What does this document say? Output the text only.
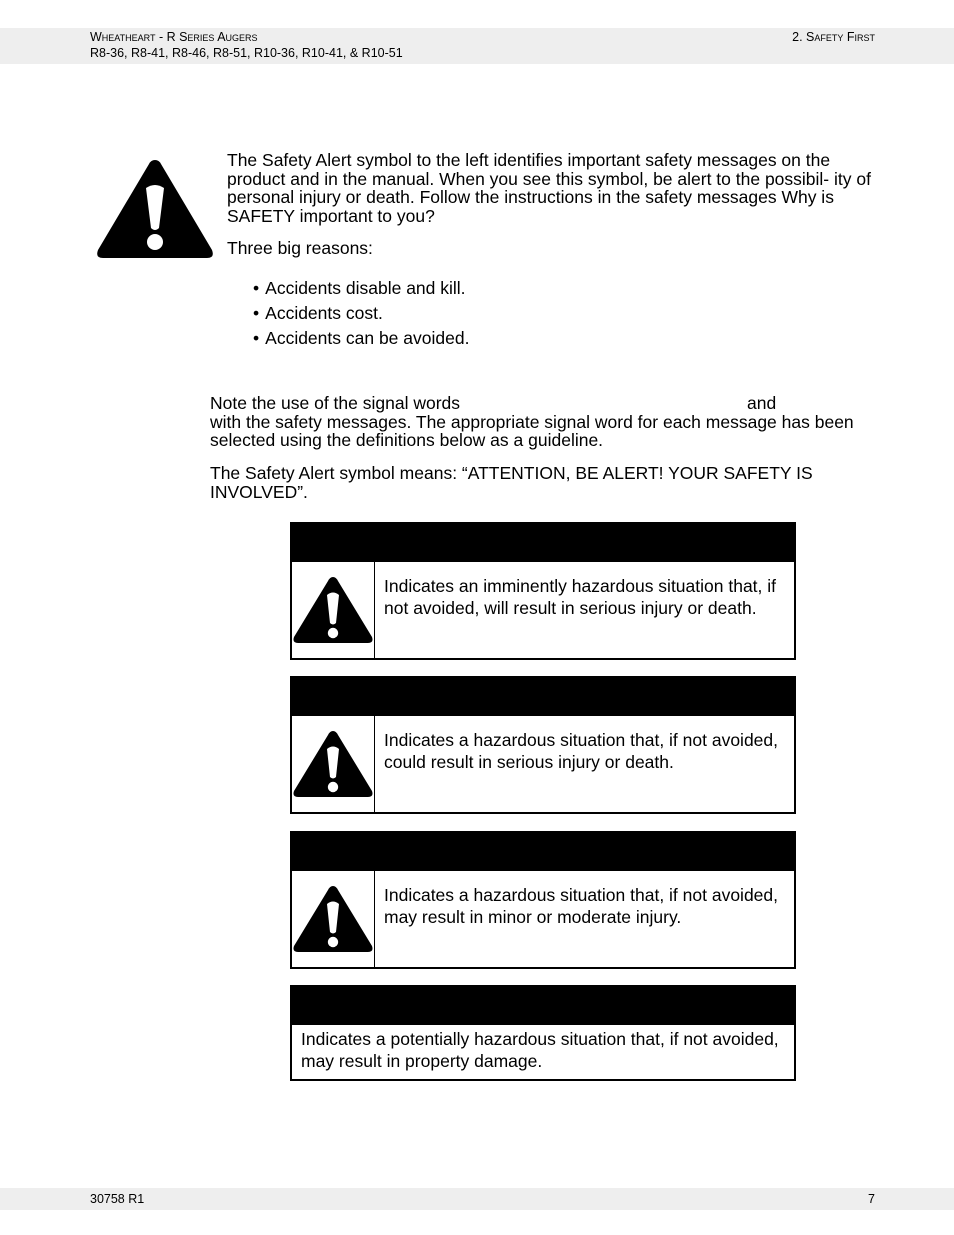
Wheatheart - R Series Augers
R8-36, R8-41, R8-46, R8-51, R10-36, R10-41, & R10-51
2. Safety First
The Safety Alert symbol to the left identifies important safety messages on the product and in the manual. When you see this symbol, be alert to the possibil- ity of personal injury or death. Follow the instructions in the safety messages Why is SAFETY important to you?
Three big reasons:
• Accidents disable and kill.
• Accidents cost.
• Accidents can be avoided.
Note the use of the signal words	and
with the safety messages. The appropriate signal word for each message has been selected using the definitions below as a guideline.
The Safety Alert symbol means: “ATTENTION, BE ALERT! YOUR SAFETY IS INVOLVED”.
Indicates an imminently hazardous situation that, if not avoided, will result in serious injury or death.
Indicates a hazardous situation that, if not avoided, could result in serious injury or death.
Indicates a hazardous situation that, if not avoided, may result in minor or moderate injury.
Indicates a potentially hazardous situation that, if not avoided, may result in property damage.
30758 R1	7
